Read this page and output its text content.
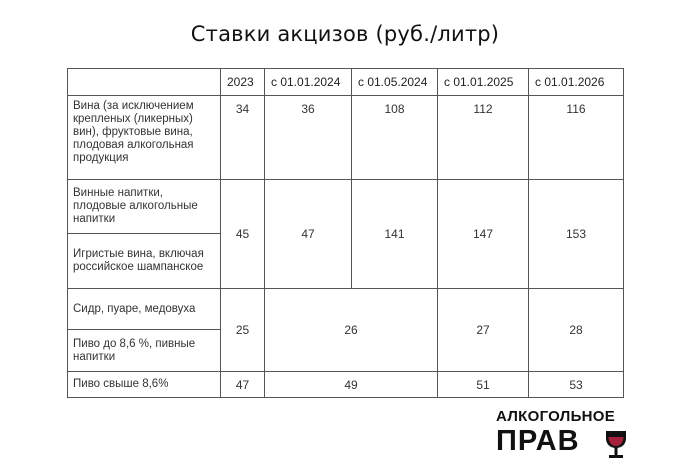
Ставки акцизов (руб./литр)
	2023	с 01.01.2024	с 01.05.2024	с 01.01.2025	с 01.01.2026
Вина (за исключением крепленых (ликерных) вин), фруктовые вина, плодовая алкогольная продукция	34	36	108	112	116
Винные напитки, плодовые алкогольные напитки	45	47	141	147	153
Игристые вина, включая российское шампанское					
Сидр, пуаре, медовуха	25	26		27	28
Пиво до 8,6 %, пивные напитки					
Пиво свыше 8,6%	47	49		51	53
АЛКОГОЛЬНОЕ
ПРАВ
